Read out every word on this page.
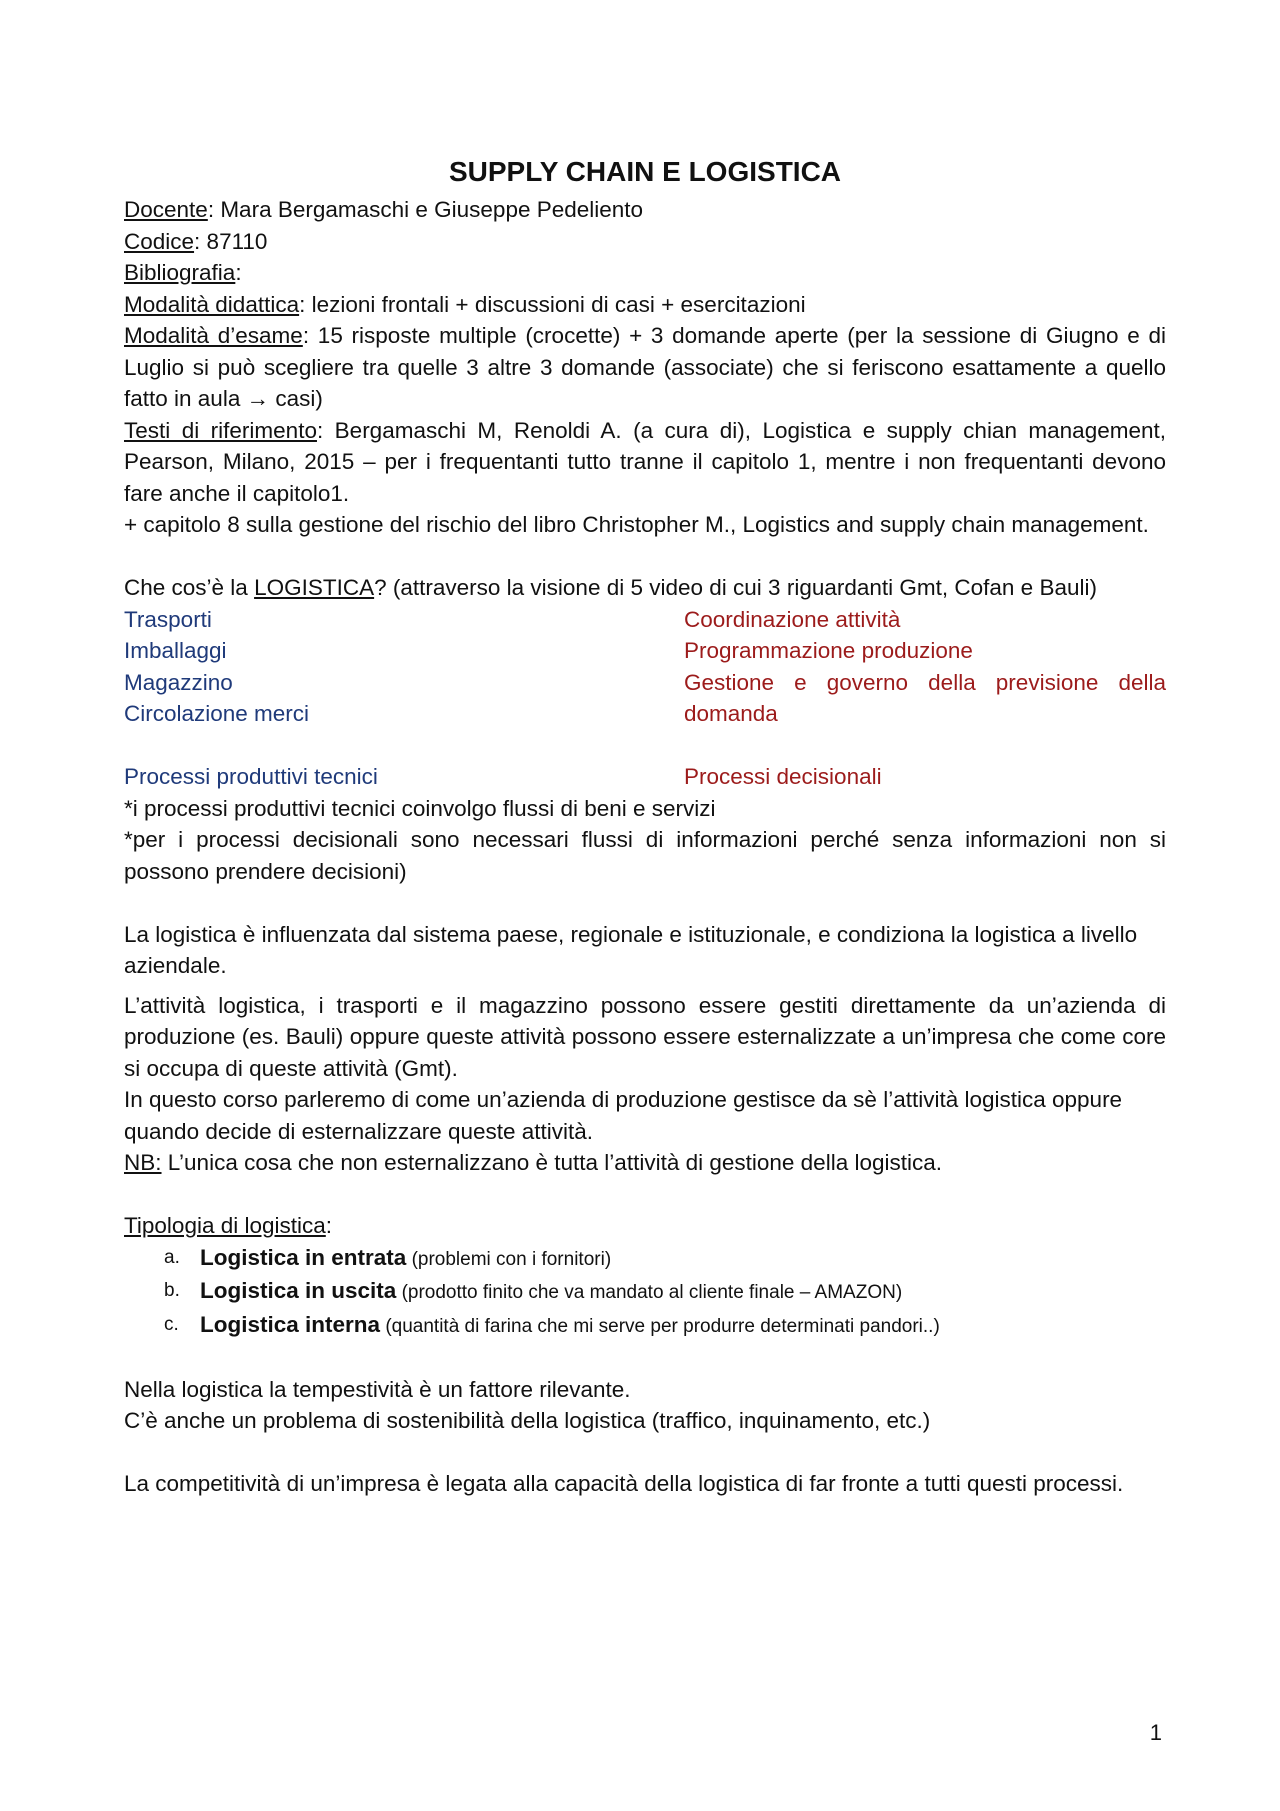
SUPPLY CHAIN E LOGISTICA

Docente: Mara Bergamaschi e Giuseppe Pedeliento

Codice: 87110

Bibliografia:

Modalità didattica: lezioni frontali + discussioni di casi + esercitazioni

Modalità d’esame: 15 risposte multiple (crocette) + 3 domande aperte (per la sessione di Giugno e di Luglio si può scegliere tra quelle 3 altre 3 domande (associate) che si feriscono esattamente a quello fatto in aula → casi)

Testi di riferimento: Bergamaschi M, Renoldi A. (a cura di), Logistica e supply chian management, Pearson, Milano, 2015 – per i frequentanti tutto tranne il capitolo 1, mentre i non frequentanti devono fare anche il capitolo1.

+ capitolo 8 sulla gestione del rischio del libro Christopher M., Logistics and supply chain management.

Che cos’è la LOGISTICA? (attraverso la visione di 5 video di cui 3 riguardanti Gmt, Cofan e Bauli)

Trasporti

Imballaggi

Magazzino

Circolazione merci

Coordinazione attività

Programmazione produzione

Gestione e governo della previsione della domanda

Processi produttivi tecnici	Processi decisionali

*i processi produttivi tecnici coinvolgo flussi di beni e servizi

*per i processi decisionali sono necessari flussi di informazioni perché senza informazioni non si possono prendere decisioni)

La logistica è influenzata dal sistema paese, regionale e istituzionale, e condiziona la logistica a livello aziendale.

L’attività logistica, i trasporti e il magazzino possono essere gestiti direttamente da un’azienda di produzione (es. Bauli) oppure queste attività possono essere esternalizzate a un’impresa che come core si occupa di queste attività (Gmt).

In questo corso parleremo di come un’azienda di produzione gestisce da sè l’attività logistica oppure quando decide di esternalizzare queste attività.

NB: L’unica cosa che non esternalizzano è tutta l’attività di gestione della logistica.

Tipologia di logistica:

a. Logistica in entrata (problemi con i fornitori)
b. Logistica in uscita (prodotto finito che va mandato al cliente finale – AMAZON)
c. Logistica interna (quantità di farina che mi serve per produrre determinati pandori..)

Nella logistica la tempestività è un fattore rilevante.

C’è anche un problema di sostenibilità della logistica (traffico, inquinamento, etc.)

La competitività di un’impresa è legata alla capacità della logistica di far fronte a tutti questi processi.

1
